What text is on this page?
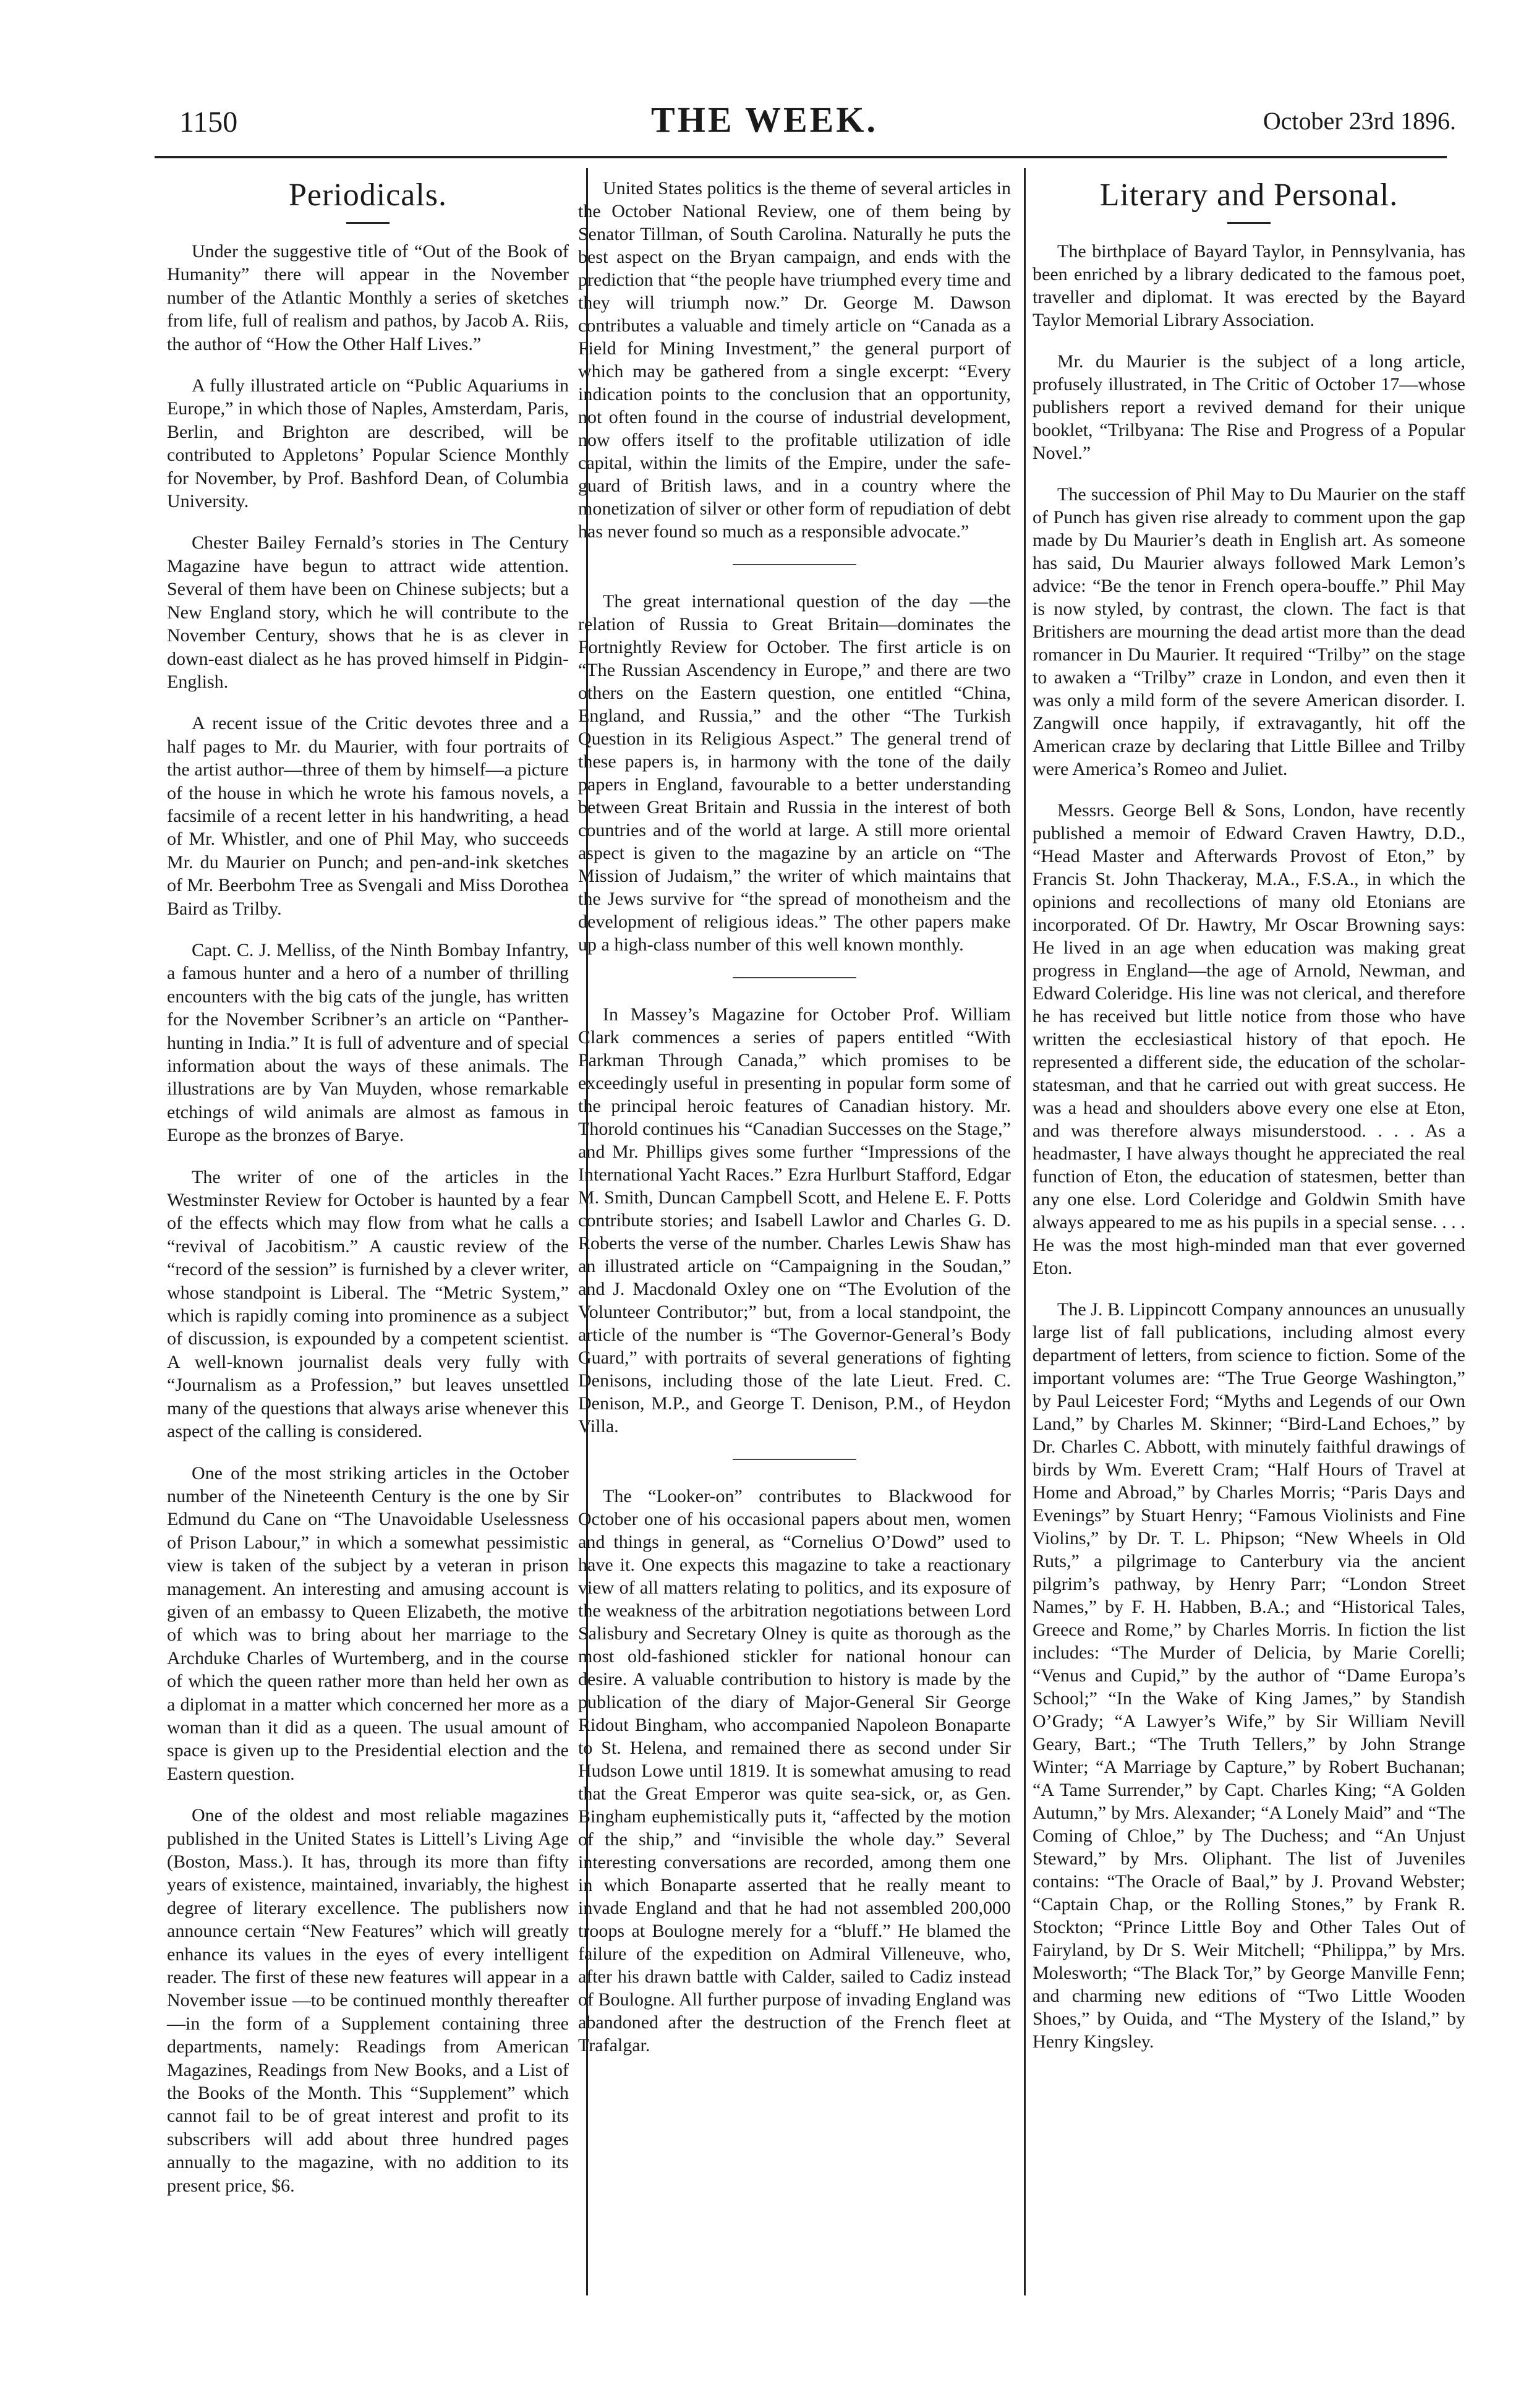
1150	THE WEEK.	October 23rd 1896.
Periodicals.

Under the suggestive title of “Out of the Book of Humanity” there will appear in the November number of the Atlantic Monthly a series of sketches from life, full of realism and pathos, by Jacob A. Riis, the author of “How the Other Half Lives.”

A fully illustrated article on “Public Aquariums in Europe,” in which those of Naples, Amsterdam, Paris, Berlin, and Brighton are described, will be contributed to Appletons’ Popular Science Monthly for November, by Prof. Bashford Dean, of Columbia University.

Chester Bailey Fernald’s stories in The Century Magazine have begun to attract wide attention. Several of them have been on Chinese subjects; but a New England story, which he will contribute to the November Century, shows that he is as clever in down-east dialect as he has proved himself in Pidgin-English.

A recent issue of the Critic devotes three and a half pages to Mr. du Maurier, with four portraits of the artist author—three of them by himself—a picture of the house in which he wrote his famous novels, a facsimile of a recent letter in his handwriting, a head of Mr. Whistler, and one of Phil May, who succeeds Mr. du Maurier on Punch; and pen-and-ink sketches of Mr. Beerbohm Tree as Svengali and Miss Dorothea Baird as Trilby.

Capt. C. J. Melliss, of the Ninth Bombay Infantry, a famous hunter and a hero of a number of thrilling encounters with the big cats of the jungle, has written for the November Scribner’s an article on “Panther-hunting in India.” It is full of adventure and of special information about the ways of these animals. The illustrations are by Van Muyden, whose remarkable etchings of wild animals are almost as famous in Europe as the bronzes of Barye.

The writer of one of the articles in the Westminster Review for October is haunted by a fear of the effects which may flow from what he calls a “revival of Jacobitism.” A caustic review of the “record of the session” is furnished by a clever writer, whose standpoint is Liberal. The “Metric System,” which is rapidly coming into prominence as a subject of discussion, is expounded by a competent scientist. A well-known journalist deals very fully with “Journalism as a Profession,” but leaves unsettled many of the questions that always arise whenever this aspect of the calling is considered.

One of the most striking articles in the October number of the Nineteenth Century is the one by Sir Edmund du Cane on “The Unavoidable Uselessness of Prison Labour,” in which a somewhat pessimistic view is taken of the subject by a veteran in prison management. An interesting and amusing account is given of an embassy to Queen Elizabeth, the motive of which was to bring about her marriage to the Archduke Charles of Wurtemberg, and in the course of which the queen rather more than held her own as a diplomat in a matter which concerned her more as a woman than it did as a queen. The usual amount of space is given up to the Presidential election and the Eastern question.

One of the oldest and most reliable magazines published in the United States is Littell’s Living Age (Boston, Mass.). It has, through its more than fifty years of existence, maintained, invariably, the highest degree of literary excellence. The publishers now announce certain “New Features” which will greatly enhance its values in the eyes of every intelligent reader. The first of these new features will appear in a November issue —to be continued monthly thereafter—in the form of a Supplement containing three departments, namely: Readings from American Magazines, Readings from New Books, and a List of the Books of the Month. This “Supplement” which cannot fail to be of great interest and profit to its subscribers will add about three hundred pages annually to the magazine, with no addition to its present price, $6.

United States politics is the theme of several articles in the October National Review, one of them being by Senator Tillman, of South Carolina. Naturally he puts the best aspect on the Bryan campaign, and ends with the prediction that “the people have triumphed every time and they will triumph now.” Dr. George M. Dawson contributes a valuable and timely article on “Canada as a Field for Mining Investment,” the general purport of which may be gathered from a single excerpt: “Every indication points to the conclusion that an opportunity, not often found in the course of industrial development, now offers itself to the profitable utilization of idle capital, within the limits of the Empire, under the safe-guard of British laws, and in a country where the monetization of silver or other form of repudiation of debt has never found so much as a responsible advocate.”

The great international question of the day —the relation of Russia to Great Britain—dominates the Fortnightly Review for October. The first article is on “The Russian Ascendency in Europe,” and there are two others on the Eastern question, one entitled “China, England, and Russia,” and the other “The Turkish Question in its Religious Aspect.” The general trend of these papers is, in harmony with the tone of the daily papers in England, favourable to a better understanding between Great Britain and Russia in the interest of both countries and of the world at large. A still more oriental aspect is given to the magazine by an article on “The Mission of Judaism,” the writer of which maintains that the Jews survive for “the spread of monotheism and the development of religious ideas.” The other papers make up a high-class number of this well known monthly.

In Massey’s Magazine for October Prof. William Clark commences a series of papers entitled “With Parkman Through Canada,” which promises to be exceedingly useful in presenting in popular form some of the principal heroic features of Canadian history. Mr. Thorold continues his “Canadian Successes on the Stage,” and Mr. Phillips gives some further “Impressions of the International Yacht Races.” Ezra Hurlburt Stafford, Edgar M. Smith, Duncan Campbell Scott, and Helene E. F. Potts contribute stories; and Isabell Lawlor and Charles G. D. Roberts the verse of the number. Charles Lewis Shaw has an illustrated article on “Campaigning in the Soudan,” and J. Macdonald Oxley one on “The Evolution of the Volunteer Contributor;” but, from a local standpoint, the article of the number is “The Governor-General’s Body Guard,” with portraits of several generations of fighting Denisons, including those of the late Lieut. Fred. C. Denison, M.P., and George T. Denison, P.M., of Heydon Villa.

The “Looker-on” contributes to Blackwood for October one of his occasional papers about men, women and things in general, as “Cornelius O’Dowd” used to have it. One expects this magazine to take a reactionary view of all matters relating to politics, and its exposure of the weakness of the arbitration negotiations between Lord Salisbury and Secretary Olney is quite as thorough as the most old-fashioned stickler for national honour can desire. A valuable contribution to history is made by the publication of the diary of Major-General Sir George Ridout Bingham, who accompanied Napoleon Bonaparte to St. Helena, and remained there as second under Sir Hudson Lowe until 1819. It is somewhat amusing to read that the Great Emperor was quite sea-sick, or, as Gen. Bingham euphemistically puts it, “affected by the motion of the ship,” and “invisible the whole day.” Several interesting conversations are recorded, among them one in which Bonaparte asserted that he really meant to invade England and that he had not assembled 200,000 troops at Boulogne merely for a “bluff.” He blamed the failure of the expedition on Admiral Villeneuve, who, after his drawn battle with Calder, sailed to Cadiz instead of Boulogne. All further purpose of invading England was abandoned after the destruction of the French fleet at Trafalgar.

Literary and Personal.

The birthplace of Bayard Taylor, in Pennsylvania, has been enriched by a library dedicated to the famous poet, traveller and diplomat. It was erected by the Bayard Taylor Memorial Library Association.

Mr. du Maurier is the subject of a long article, profusely illustrated, in The Critic of October 17—whose publishers report a revived demand for their unique booklet, “Trilbyana: The Rise and Progress of a Popular Novel.”

The succession of Phil May to Du Maurier on the staff of Punch has given rise already to comment upon the gap made by Du Maurier’s death in English art. As someone has said, Du Maurier always followed Mark Lemon’s advice: “Be the tenor in French opera-bouffe.” Phil May is now styled, by contrast, the clown. The fact is that Britishers are mourning the dead artist more than the dead romancer in Du Maurier. It required “Trilby” on the stage to awaken a “Trilby” craze in London, and even then it was only a mild form of the severe American disorder. I. Zangwill once happily, if extravagantly, hit off the American craze by declaring that Little Billee and Trilby were America’s Romeo and Juliet.

Messrs. George Bell & Sons, London, have recently published a memoir of Edward Craven Hawtry, D.D., “Head Master and Afterwards Provost of Eton,” by Francis St. John Thackeray, M.A., F.S.A., in which the opinions and recollections of many old Etonians are incorporated. Of Dr. Hawtry, Mr Oscar Browning says: He lived in an age when education was making great progress in England—the age of Arnold, Newman, and Edward Coleridge. His line was not clerical, and therefore he has received but little notice from those who have written the ecclesiastical history of that epoch. He represented a different side, the education of the scholar-statesman, and that he carried out with great success. He was a head and shoulders above every one else at Eton, and was therefore always misunderstood. . . . As a headmaster, I have always thought he appreciated the real function of Eton, the education of statesmen, better than any one else. Lord Coleridge and Goldwin Smith have always appeared to me as his pupils in a special sense. . . . He was the most high-minded man that ever governed Eton.

The J. B. Lippincott Company announces an unusually large list of fall publications, including almost every department of letters, from science to fiction. Some of the important volumes are: “The True George Washington,” by Paul Leicester Ford; “Myths and Legends of our Own Land,” by Charles M. Skinner; “Bird-Land Echoes,” by Dr. Charles C. Abbott, with minutely faithful drawings of birds by Wm. Everett Cram; “Half Hours of Travel at Home and Abroad,” by Charles Morris; “Paris Days and Evenings” by Stuart Henry; “Famous Violinists and Fine Violins,” by Dr. T. L. Phipson; “New Wheels in Old Ruts,” a pilgrimage to Canterbury via the ancient pilgrim’s pathway, by Henry Parr; “London Street Names,” by F. H. Habben, B.A.; and “Historical Tales, Greece and Rome,” by Charles Morris. In fiction the list includes: “The Murder of Delicia, by Marie Corelli; “Venus and Cupid,” by the author of “Dame Europa’s School;” “In the Wake of King James,” by Standish O’Grady; “A Lawyer’s Wife,” by Sir William Nevill Geary, Bart.; “The Truth Tellers,” by John Strange Winter; “A Marriage by Capture,” by Robert Buchanan; “A Tame Surrender,” by Capt. Charles King; “A Golden Autumn,” by Mrs. Alexander; “A Lonely Maid” and “The Coming of Chloe,” by The Duchess; and “An Unjust Steward,” by Mrs. Oliphant. The list of Juveniles contains: “The Oracle of Baal,” by J. Provand Webster; “Captain Chap, or the Rolling Stones,” by Frank R. Stockton; “Prince Little Boy and Other Tales Out of Fairyland, by Dr S. Weir Mitchell; “Philippa,” by Mrs. Molesworth; “The Black Tor,” by George Manville Fenn; and charming new editions of “Two Little Wooden Shoes,” by Ouida, and “The Mystery of the Island,” by Henry Kingsley.
